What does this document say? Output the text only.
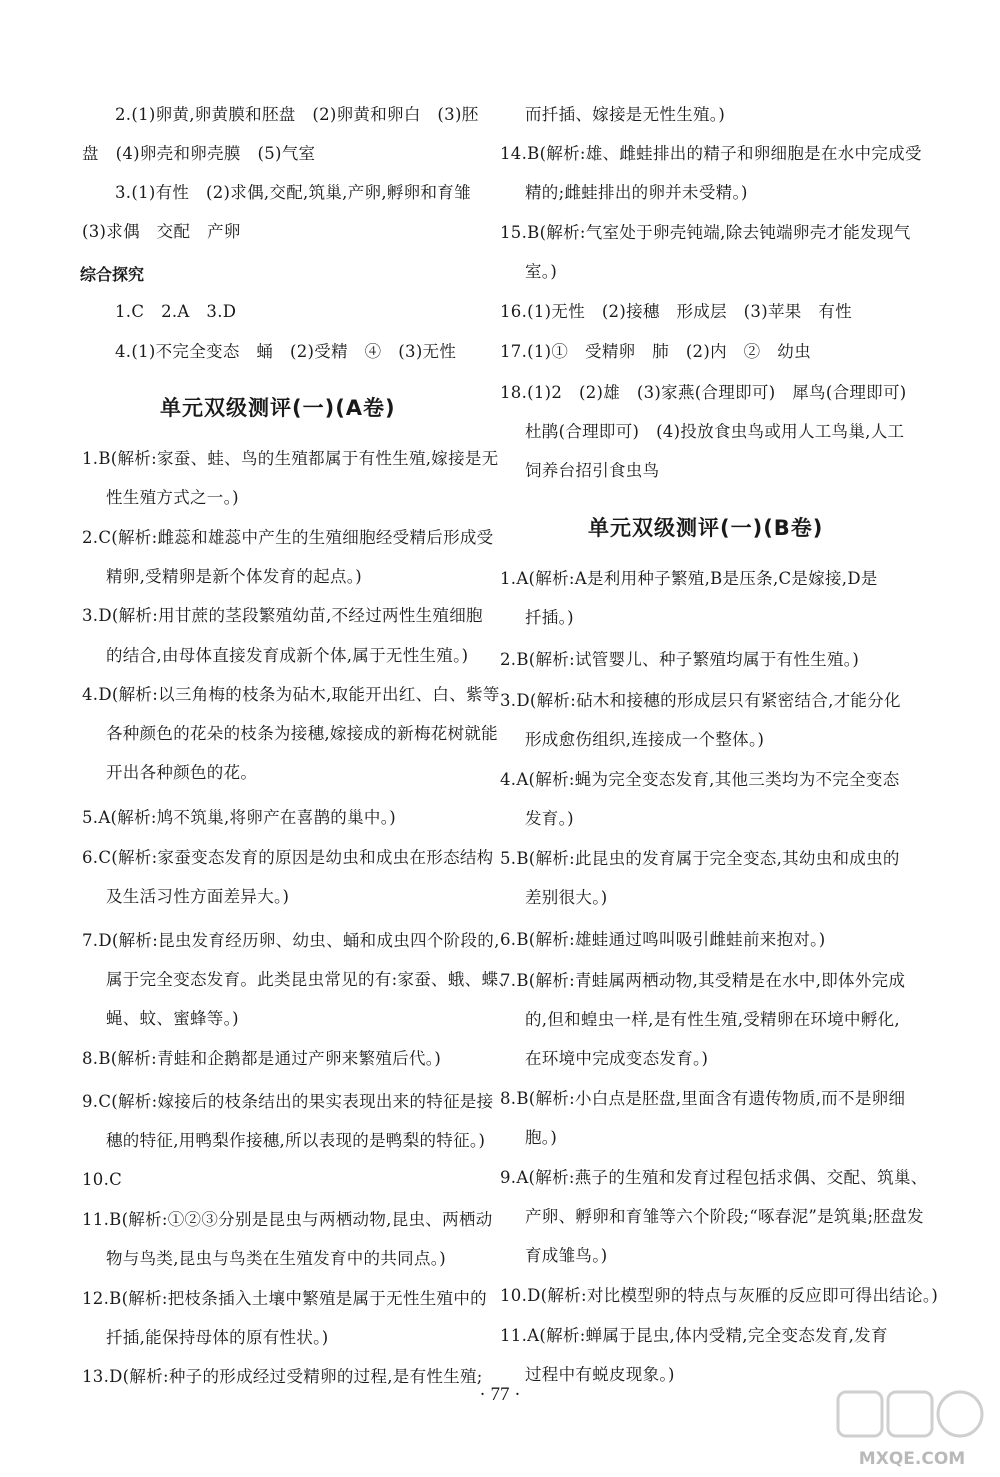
2.(1)卵黄,卵黄膜和胚盘　(2)卵黄和卵白　(3)胚
盘　(4)卵壳和卵壳膜　(5)气室
3.(1)有性　(2)求偶,交配,筑巢,产卵,孵卵和育雏
(3)求偶　交配　产卵
综合探究
1.C　2.A　3.D
4.(1)不完全变态　蛹　(2)受精　④　(3)无性
单元双级测评(一)(A卷)
1.B(解析:家蚕、蛙、鸟的生殖都属于有性生殖,嫁接是无
性生殖方式之一。)
2.C(解析:雌蕊和雄蕊中产生的生殖细胞经受精后形成受
精卵,受精卵是新个体发育的起点。)
3.D(解析:用甘蔗的茎段繁殖幼苗,不经过两性生殖细胞
的结合,由母体直接发育成新个体,属于无性生殖。)
4.D(解析:以三角梅的枝条为砧木,取能开出红、白、紫等
各种颜色的花朵的枝条为接穗,嫁接成的新梅花树就能
开出各种颜色的花。
5.A(解析:鸠不筑巢,将卵产在喜鹊的巢中。)
6.C(解析:家蚕变态发育的原因是幼虫和成虫在形态结构
及生活习性方面差异大。)
7.D(解析:昆虫发育经历卵、幼虫、蛹和成虫四个阶段的,
属于完全变态发育。此类昆虫常见的有:家蚕、蛾、蝶、
蝇、蚊、蜜蜂等。)
8.B(解析:青蛙和企鹅都是通过产卵来繁殖后代。)
9.C(解析:嫁接后的枝条结出的果实表现出来的特征是接
穗的特征,用鸭梨作接穗,所以表现的是鸭梨的特征。)
10.C
11.B(解析:①②③分别是昆虫与两栖动物,昆虫、两栖动
物与鸟类,昆虫与鸟类在生殖发育中的共同点。)
12.B(解析:把枝条插入土壤中繁殖是属于无性生殖中的
扦插,能保持母体的原有性状。)
13.D(解析:种子的形成经过受精卵的过程,是有性生殖;
而扦插、嫁接是无性生殖。)
14.B(解析:雄、雌蛙排出的精子和卵细胞是在水中完成受
精的;雌蛙排出的卵并未受精。)
15.B(解析:气室处于卵壳钝端,除去钝端卵壳才能发现气
室。)
16.(1)无性　(2)接穗　形成层　(3)苹果　有性
17.(1)①　受精卵　肺　(2)内　②　幼虫
18.(1)2　(2)雄　(3)家燕(合理即可)　犀鸟(合理即可)
杜鹃(合理即可)　(4)投放食虫鸟或用人工鸟巢,人工
饲养台招引食虫鸟
单元双级测评(一)(B卷)
1.A(解析:A是利用种子繁殖,B是压条,C是嫁接,D是
扦插。)
2.B(解析:试管婴儿、种子繁殖均属于有性生殖。)
3.D(解析:砧木和接穗的形成层只有紧密结合,才能分化
形成愈伤组织,连接成一个整体。)
4.A(解析:蝇为完全变态发育,其他三类均为不完全变态
发育。)
5.B(解析:此昆虫的发育属于完全变态,其幼虫和成虫的
差别很大。)
6.B(解析:雄蛙通过鸣叫吸引雌蛙前来抱对。)
7.B(解析:青蛙属两栖动物,其受精是在水中,即体外完成
的,但和蝗虫一样,是有性生殖,受精卵在环境中孵化,
在环境中完成变态发育。)
8.B(解析:小白点是胚盘,里面含有遗传物质,而不是卵细
胞。)
9.A(解析:燕子的生殖和发育过程包括求偶、交配、筑巢、
产卵、孵卵和育雏等六个阶段;“啄春泥”是筑巢;胚盘发
育成雏鸟。)
10.D(解析:对比模型卵的特点与灰雁的反应即可得出结论。)
11.A(解析:蝉属于昆虫,体内受精,完全变态发育,发育
过程中有蜕皮现象。)
· 77 ·
MXQE.COM
